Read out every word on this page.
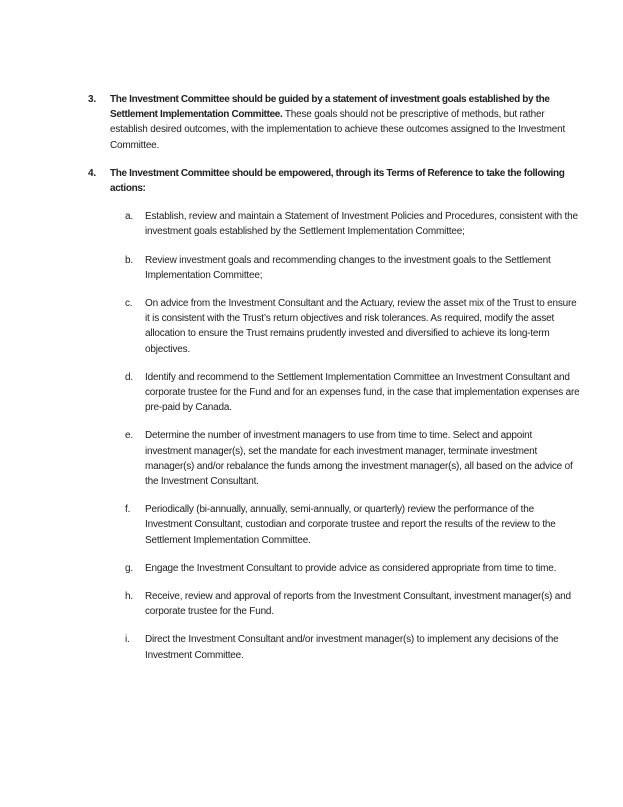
3.	The Investment Committee should be guided by a statement of investment goals established by the Settlement Implementation Committee. These goals should not be prescriptive of methods, but rather establish desired outcomes, with the implementation to achieve these outcomes assigned to the Investment Committee.

4.	The Investment Committee should be empowered, through its Terms of Reference to take the following actions:

a.	Establish, review and maintain a Statement of Investment Policies and Procedures, consistent with the investment goals established by the Settlement Implementation Committee;
b.	Review investment goals and recommending changes to the investment goals to the Settlement Implementation Committee;
c.	On advice from the Investment Consultant and the Actuary, review the asset mix of the Trust to ensure it is consistent with the Trust’s return objectives and risk tolerances. As required, modify the asset allocation to ensure the Trust remains prudently invested and diversified to achieve its long-term objectives.
d.	Identify and recommend to the Settlement Implementation Committee an Investment Consultant and corporate trustee for the Fund and for an expenses fund, in the case that implementation expenses are pre-paid by Canada.
e.	Determine the number of investment managers to use from time to time. Select and appoint investment manager(s), set the mandate for each investment manager, terminate investment manager(s) and/or rebalance the funds among the investment manager(s), all based on the advice of the Investment Consultant.
f.	Periodically (bi-annually, annually, semi-annually, or quarterly) review the performance of the Investment Consultant, custodian and corporate trustee and report the results of the review to the Settlement Implementation Committee.
g.	Engage the Investment Consultant to provide advice as considered appropriate from time to time.
h.	Receive, review and approval of reports from the Investment Consultant, investment manager(s) and corporate trustee for the Fund.
i.	Direct the Investment Consultant and/or investment manager(s) to implement any decisions of the Investment Committee.
